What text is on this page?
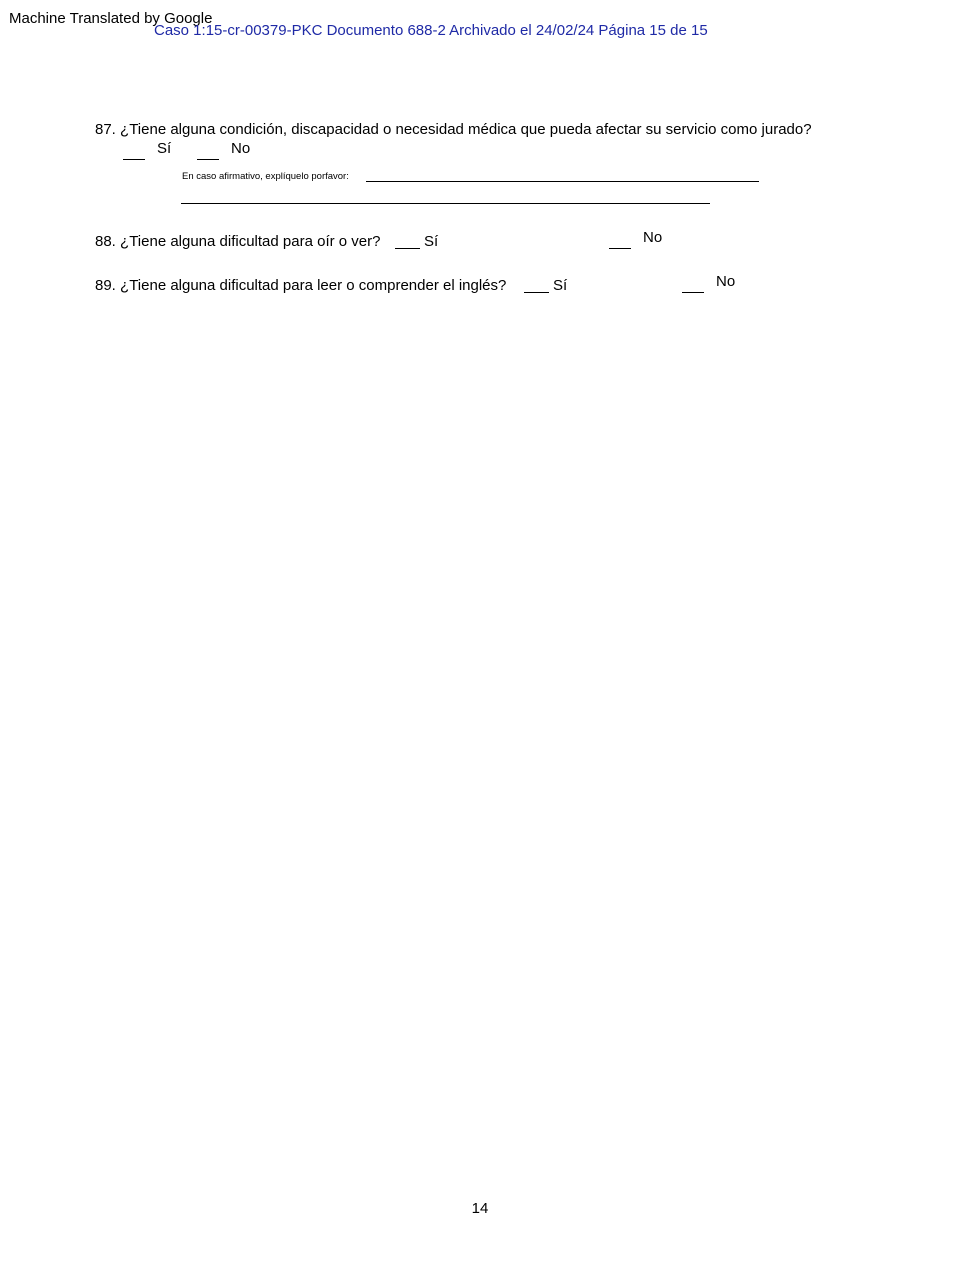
Machine Translated by Google
Caso 1:15-cr-00379-PKC Documento 688-2 Archivado el 24/02/24 Página 15 de 15
87. ¿Tiene alguna condición, discapacidad o necesidad médica que pueda afectar su servicio como jurado?
Sí	No
En caso afirmativo, explíquelo porfavor:
88. ¿Tiene alguna dificultad para oír o ver?	Sí	No
89. ¿Tiene alguna dificultad para leer o comprender el inglés?	Sí	No
14
